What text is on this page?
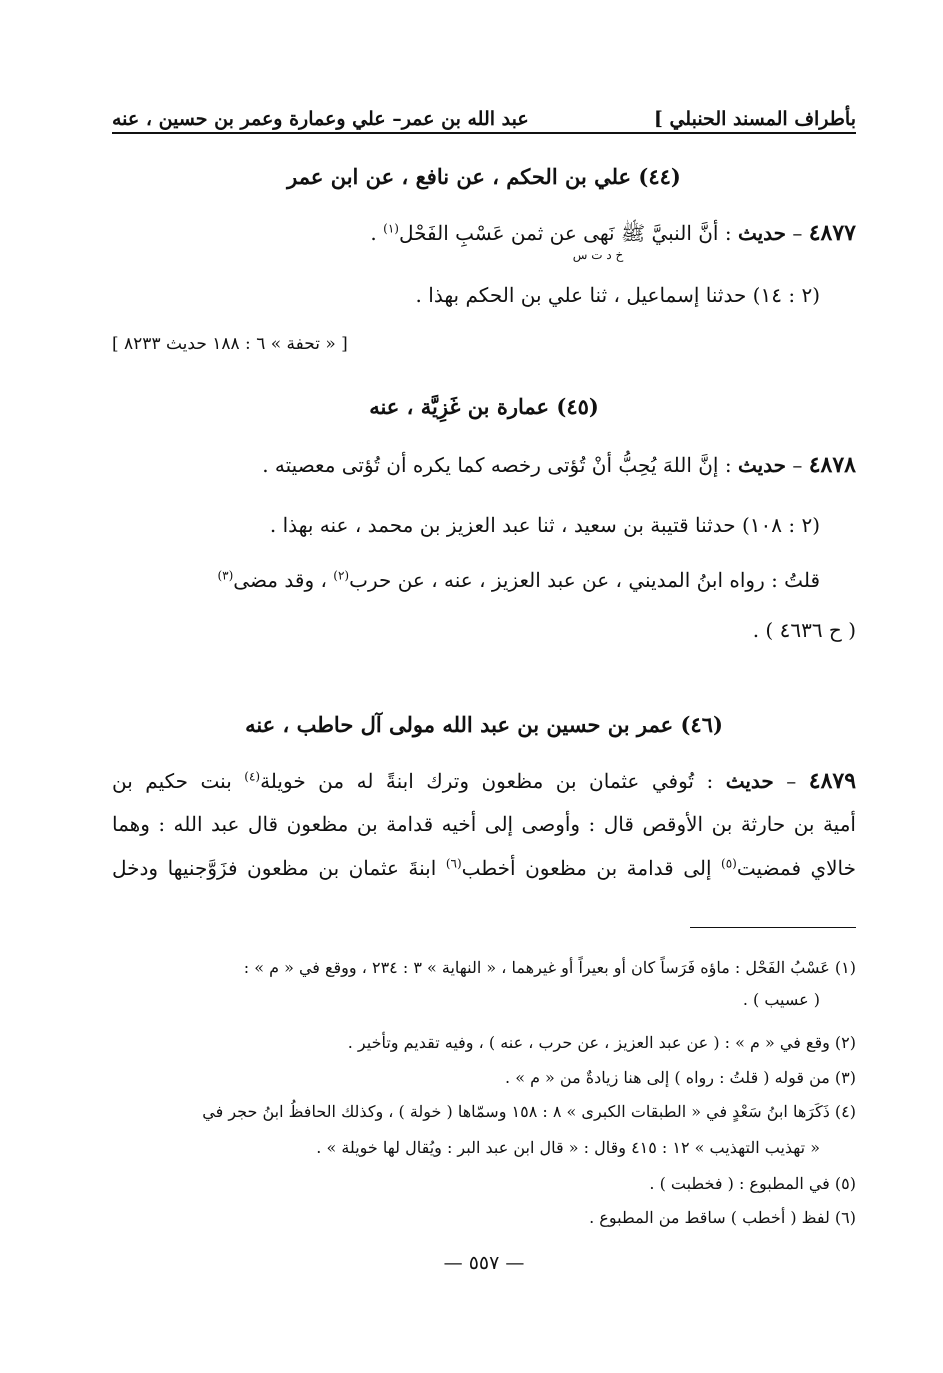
بأطراف المسند الحنبلي ]
عبد الله بن عمر– علي وعمارة وعمر بن حسين ، عنه
(٤٤) علي بن الحكم ، عن نافع ، عن ابن عمر
٤٨٧٧ – حديث : أنَّ النبيَّ ﷺ نَهى عن ثمن عَسْبِ الفَحْل$^{(١)}$ .
خ د ت س
(٢ : ١٤) حدثنا إسماعيل ، ثنا علي بن الحكم بهذا .
[ « تحفة » ٦ : ١٨٨ حديث ٨٢٣٣ ]
(٤٥) عمارة بن غَزِيَّة ، عنه
٤٨٧٨ – حديث : إنَّ اللهَ يُحِبُّ أنْ تُؤتى رخصه كما يكره أن تُؤتى معصيته .
(٢ : ١٠٨) حدثنا قتيبة بن سعيد ، ثنا عبد العزيز بن محمد ، عنه بهذا .
قلتُ : رواه ابنُ المديني ، عن عبد العزيز ، عنه ، عن حرب$^{(٢)}$ ، وقد مضى$^{(٣)}$
( ح ٤٦٣٦ ) .
(٤٦) عمر بن حسين بن عبد الله مولى آل حاطب ، عنه
٤٨٧٩ – حديث : تُوفي عثمان بن مظعون وترك ابنةً له من خويلة$^{(٤)}$ بنت حكيم بن
أمية بن حارثة بن الأوقص قال : وأوصى إلى أخيه قدامة بن مظعون قال عبد الله : وهما
خالاي فمضيت$^{(٥)}$ إلى قدامة بن مظعون أخطب$^{(٦)}$ ابنةَ عثمان بن مظعون فزَوَّجنيها ودخل
(١) عَسْبُ الفَحْل : ماؤه فَرَساً كان أو بعيراً أو غيرهما ، « النهاية » ٣ : ٢٣٤ ، ووقع في « م » :
( عسيب ) .
(٢) وقع في « م » : ( عن عبد العزيز ، عن حرب ، عنه ) ، وفيه تقديم وتأخير .
(٣) من قوله ( قلتُ : رواه ) إلى هنا زيادةٌ من « م » .
(٤) ذَكَرَها ابنُ سَعْدٍ في « الطبقات الكبرى » ٨ : ١٥٨ وسمّاها ( خولة ) ، وكذلك الحافظُ ابنُ حجر في
« تهذيب التهذيب » ١٢ : ٤١٥ وقال : « قال ابن عبد البر : ويُقال لها خويلة » .
(٥) في المطبوع : ( فخطبت ) .
(٦) لفظ ( أخطب ) ساقط من المطبوع .
— ٥٥٧ —
